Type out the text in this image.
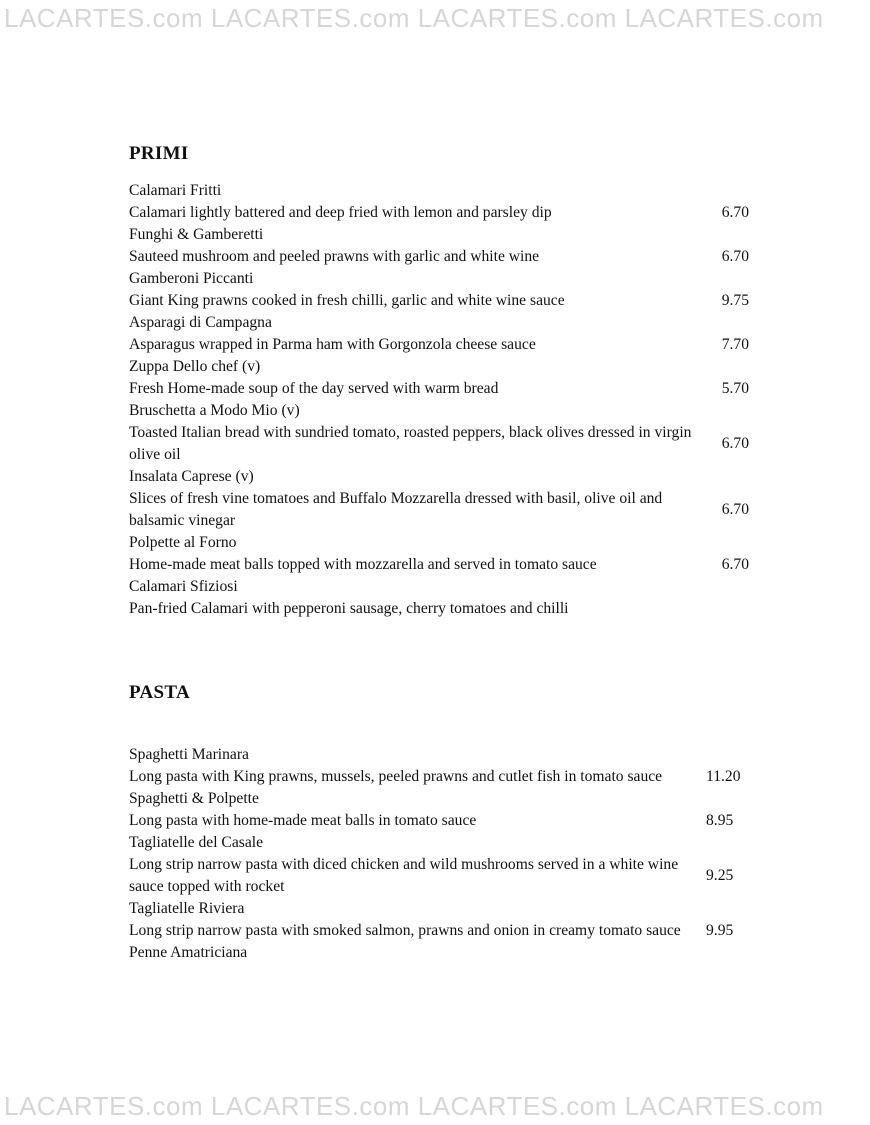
LACARTES.com LACARTES.com LACARTES.com LACARTES.com
PRIMI
Calamari Fritti
Calamari lightly battered and deep fried with lemon and parsley dip	6.70
Funghi & Gamberetti
Sauteed mushroom and peeled prawns with garlic and white wine	6.70
Gamberoni Piccanti
Giant King prawns cooked in fresh chilli, garlic and white wine sauce	9.75
Asparagi di Campagna
Asparagus wrapped in Parma ham with Gorgonzola cheese sauce	7.70
Zuppa Dello chef (v)
Fresh Home-made soup of the day served with warm bread	5.70
Bruschetta a Modo Mio (v)
Toasted Italian bread with sundried tomato, roasted peppers, black olives dressed in virgin olive oil
6.70
Insalata Caprese (v)
Slices of fresh vine tomatoes and Buffalo Mozzarella dressed with basil, olive oil and balsamic vinegar
6.70
Polpette al Forno
Home-made meat balls topped with mozzarella and served in tomato sauce	6.70
Calamari Sfiziosi
Pan-fried Calamari with pepperoni sausage, cherry tomatoes and chilli
PASTA
Spaghetti Marinara
Long pasta with King prawns, mussels, peeled prawns and cutlet fish in tomato sauce	11.20
Spaghetti & Polpette
Long pasta with home-made meat balls in tomato sauce	8.95
Tagliatelle del Casale
Long strip narrow pasta with diced chicken and wild mushrooms served in a white wine sauce topped with rocket
9.25
Tagliatelle Riviera
Long strip narrow pasta with smoked salmon, prawns and onion in creamy tomato sauce	9.95
Penne Amatriciana
LACARTES.com LACARTES.com LACARTES.com LACARTES.com
